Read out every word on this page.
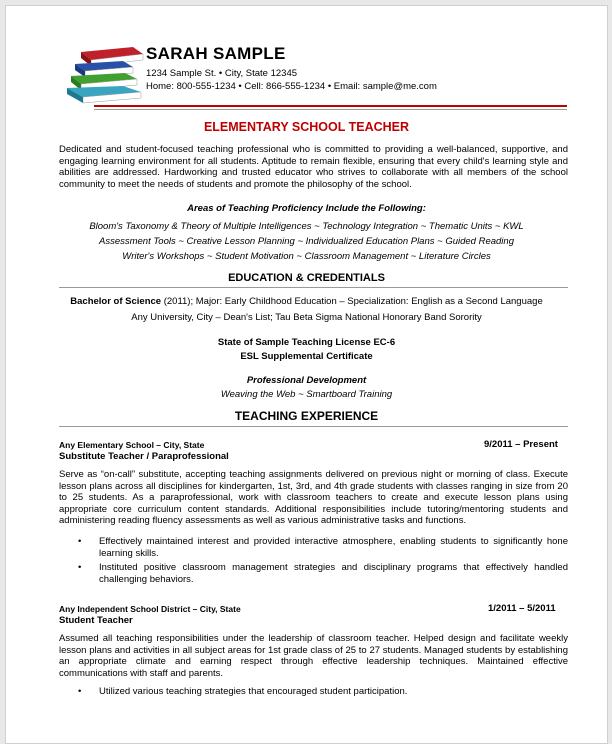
SARAH SAMPLE
1234 Sample St. • City, State 12345
Home: 800-555-1234 • Cell: 866-555-1234 • Email: sample@me.com
ELEMENTARY SCHOOL TEACHER
Dedicated and student-focused teaching professional who is committed to providing a well-balanced, supportive, and engaging learning environment for all students. Aptitude to remain flexible, ensuring that every child's learning style and abilities are addressed. Hardworking and trusted educator who strives to collaborate with all members of the school community to meet the needs of students and promote the philosophy of the school.
Areas of Teaching Proficiency Include the Following:
Bloom's Taxonomy & Theory of Multiple Intelligences ~ Technology Integration ~ Thematic Units ~ KWL
Assessment Tools ~ Creative Lesson Planning ~ Individualized Education Plans ~ Guided Reading
Writer's Workshops ~ Student Motivation ~ Classroom Management ~ Literature Circles
EDUCATION & CREDENTIALS
Bachelor of Science (2011); Major: Early Childhood Education – Specialization: English as a Second Language
Any University, City – Dean's List; Tau Beta Sigma National Honorary Band Sorority
State of Sample Teaching License EC-6
ESL Supplemental Certificate
Professional Development
Weaving the Web ~ Smartboard Training
TEACHING EXPERIENCE
Any Elementary School – City, State	9/2011 – Present
Substitute Teacher / Paraprofessional
Serve as “on-call” substitute, accepting teaching assignments delivered on previous night or morning of class. Execute lesson plans across all disciplines for kindergarten, 1st, 3rd, and 4th grade students with classes ranging in size from 20 to 25 students. As a paraprofessional, work with classroom teachers to create and execute lesson plans using appropriate core curriculum content standards. Additional responsibilities include tutoring/mentoring students and administering reading fluency assessments as well as various administrative tasks and functions.
• Effectively maintained interest and provided interactive atmosphere, enabling students to significantly hone learning skills.
• Instituted positive classroom management strategies and disciplinary programs that effectively handled challenging behaviors.
Any Independent School District – City, State	1/2011 – 5/2011
Student Teacher
Assumed all teaching responsibilities under the leadership of classroom teacher. Helped design and facilitate weekly lesson plans and activities in all subject areas for 1st grade class of 25 to 27 students. Managed students by establishing an appropriate climate and earning respect through effective leadership techniques. Maintained effective communications with staff and parents.
• Utilized various teaching strategies that encouraged student participation.
